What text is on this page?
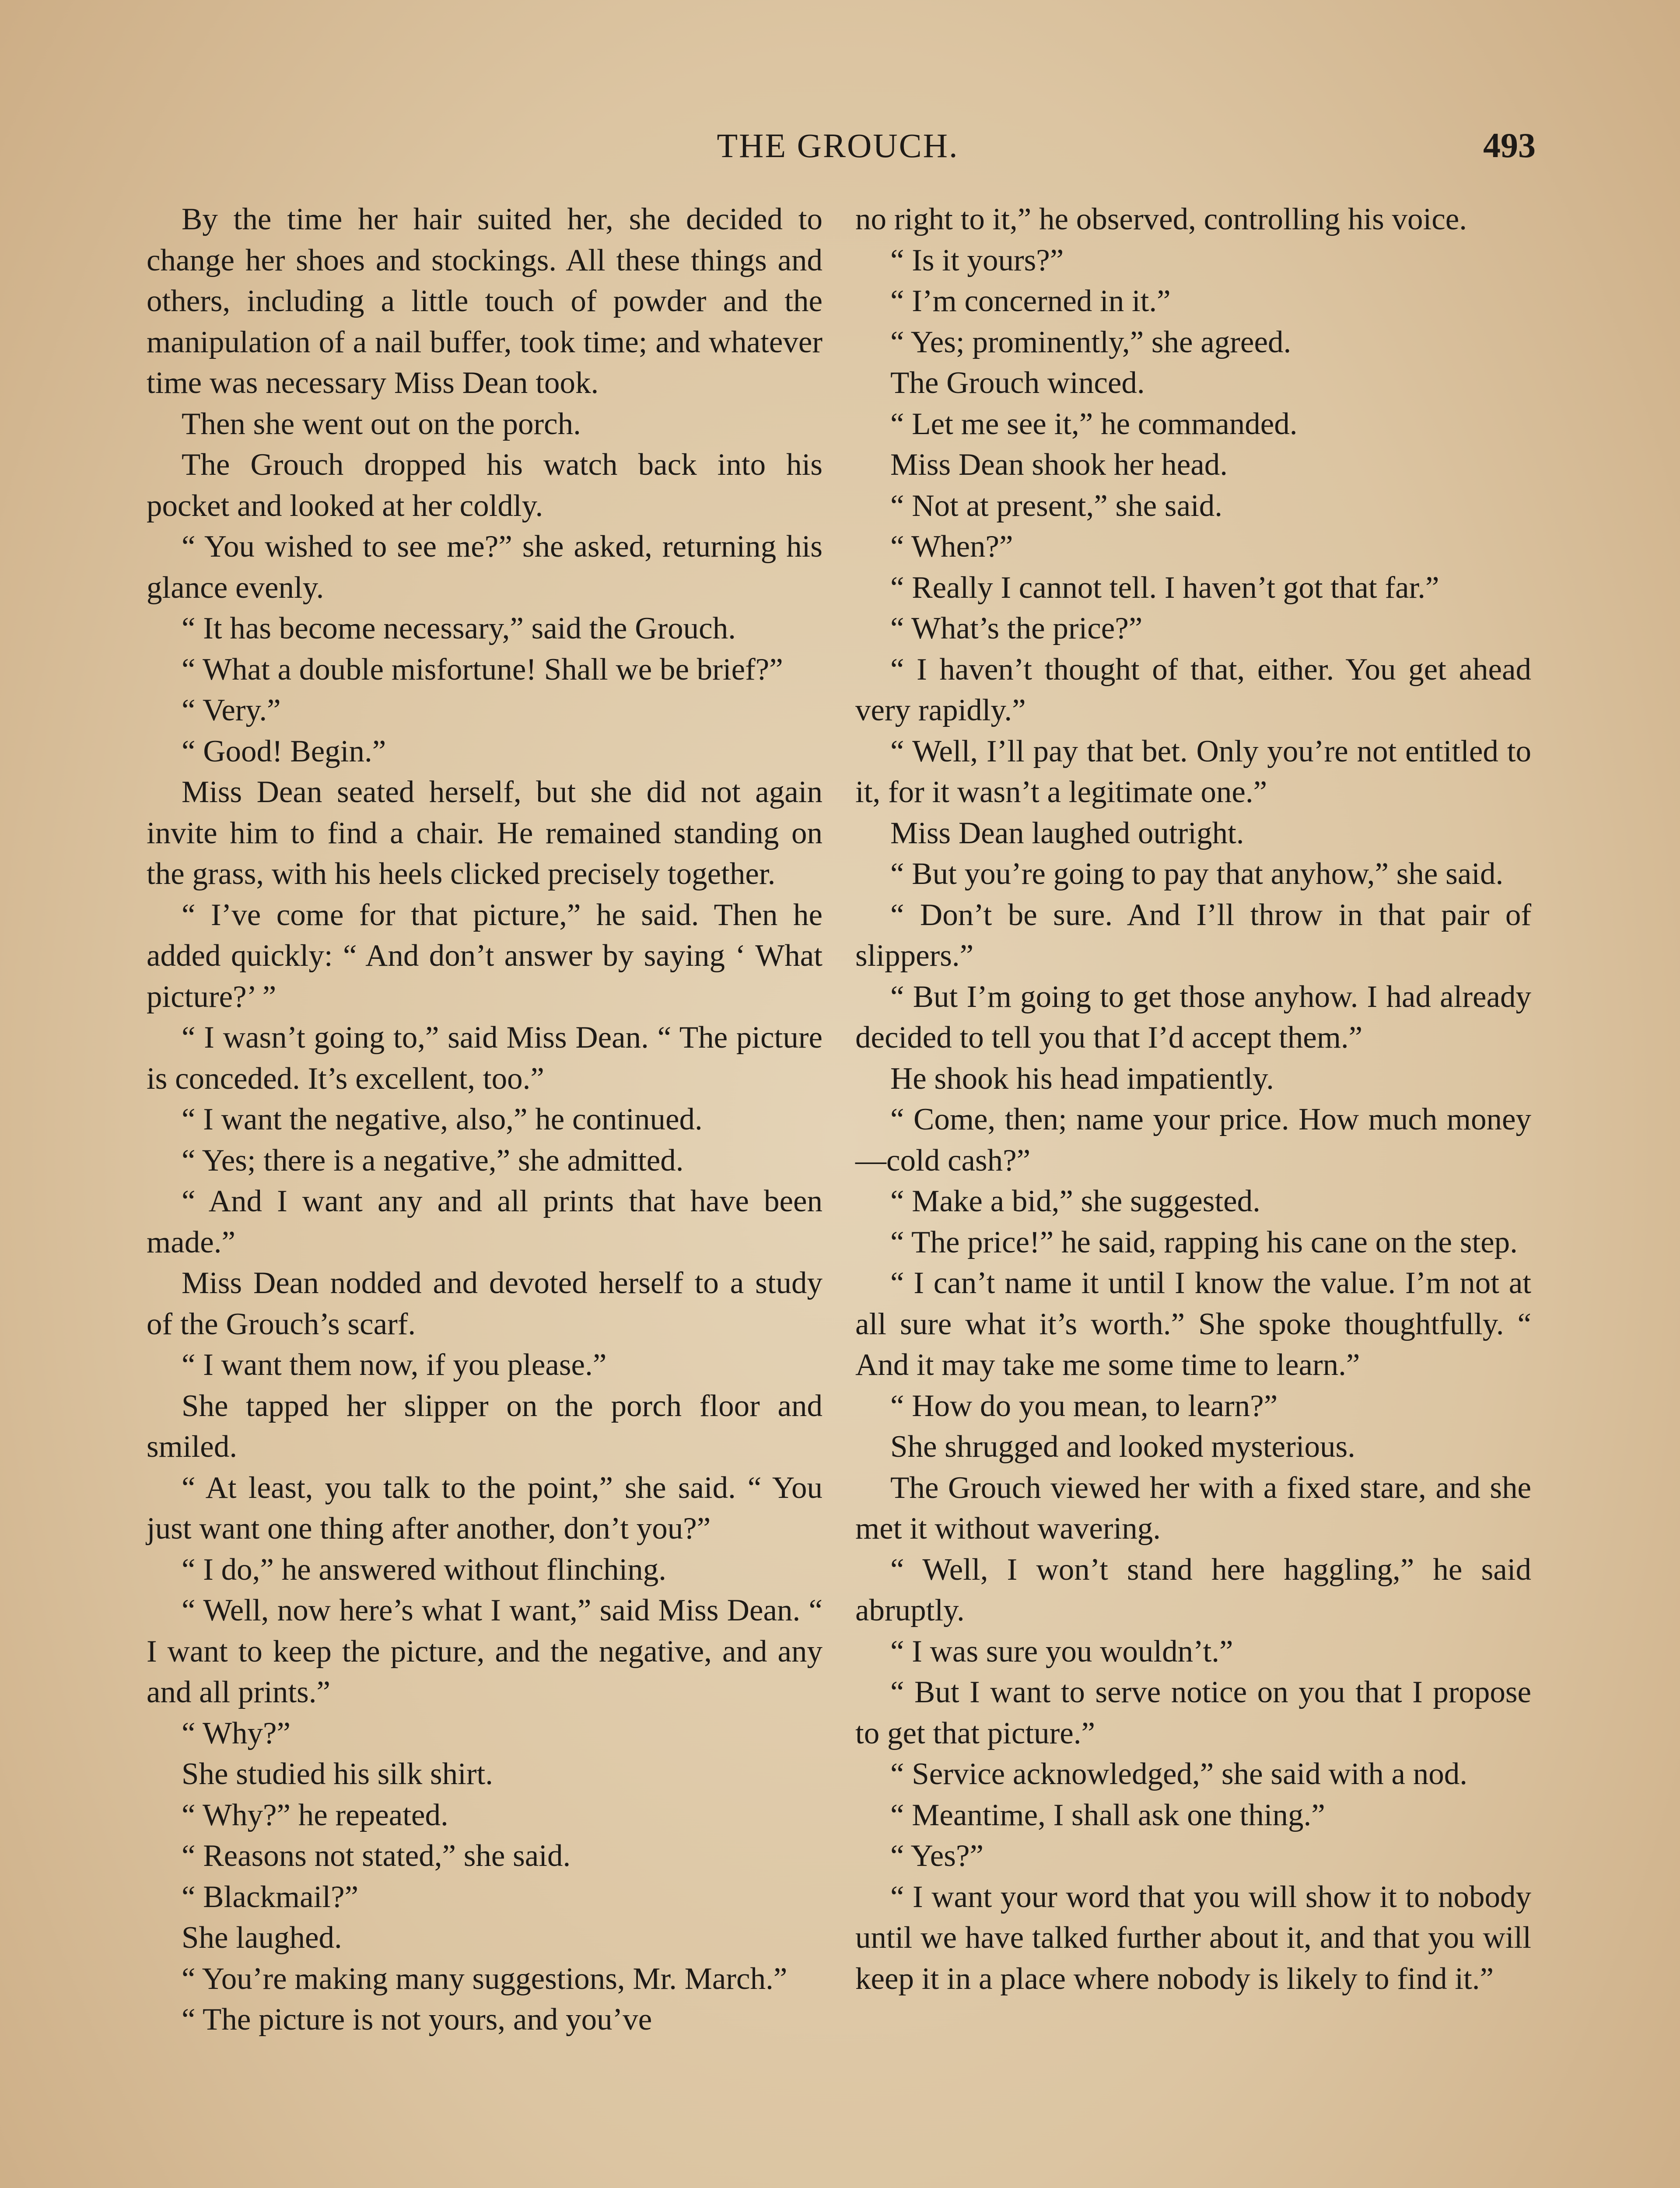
THE GROUCH.	493

By the time her hair suited her, she decided to change her shoes and stockings. All these things and others, including a little touch of powder and the manipulation of a nail buffer, took time; and whatever time was necessary Miss Dean took.

Then she went out on the porch.

The Grouch dropped his watch back into his pocket and looked at her coldly.

“ You wished to see me?” she asked, returning his glance evenly.

“ It has become necessary,” said the Grouch.

“ What a double misfortune! Shall we be brief?”

“ Very.”

“ Good! Begin.”

Miss Dean seated herself, but she did not again invite him to find a chair. He remained standing on the grass, with his heels clicked precisely together.

“ I’ve come for that picture,” he said. Then he added quickly: “ And don’t answer by saying ‘ What picture?’ ”

“ I wasn’t going to,” said Miss Dean. “ The picture is conceded. It’s excellent, too.”

“ I want the negative, also,” he continued.

“ Yes; there is a negative,” she admitted.

“ And I want any and all prints that have been made.”

Miss Dean nodded and devoted herself to a study of the Grouch’s scarf.

“ I want them now, if you please.”

She tapped her slipper on the porch floor and smiled.

“ At least, you talk to the point,” she said. “ You just want one thing after another, don’t you?”

“ I do,” he answered without flinching.

“ Well, now here’s what I want,” said Miss Dean. “ I want to keep the picture, and the negative, and any and all prints.”

“ Why?”

She studied his silk shirt.

“ Why?” he repeated.

“ Reasons not stated,” she said.

“ Blackmail?”

She laughed.

“ You’re making many suggestions, Mr. March.”

“ The picture is not yours, and you’ve

no right to it,” he observed, controlling his voice.

“ Is it yours?”

“ I’m concerned in it.”

“ Yes; prominently,” she agreed.

The Grouch winced.

“ Let me see it,” he commanded.

Miss Dean shook her head.

“ Not at present,” she said.

“ When?”

“ Really I cannot tell. I haven’t got that far.”

“ What’s the price?”

“ I haven’t thought of that, either. You get ahead very rapidly.”

“ Well, I’ll pay that bet. Only you’re not entitled to it, for it wasn’t a legitimate one.”

Miss Dean laughed outright.

“ But you’re going to pay that anyhow,” she said.

“ Don’t be sure. And I’ll throw in that pair of slippers.”

“ But I’m going to get those anyhow. I had already decided to tell you that I’d accept them.”

He shook his head impatiently.

“ Come, then; name your price. How much money—cold cash?”

“ Make a bid,” she suggested.

“ The price!” he said, rapping his cane on the step.

“ I can’t name it until I know the value. I’m not at all sure what it’s worth.” She spoke thoughtfully. “ And it may take me some time to learn.”

“ How do you mean, to learn?”

She shrugged and looked mysterious.

The Grouch viewed her with a fixed stare, and she met it without wavering.

“ Well, I won’t stand here haggling,” he said abruptly.

“ I was sure you wouldn’t.”

“ But I want to serve notice on you that I propose to get that picture.”

“ Service acknowledged,” she said with a nod.

“ Meantime, I shall ask one thing.”

“ Yes?”

“ I want your word that you will show it to nobody until we have talked further about it, and that you will keep it in a place where nobody is likely to find it.”
